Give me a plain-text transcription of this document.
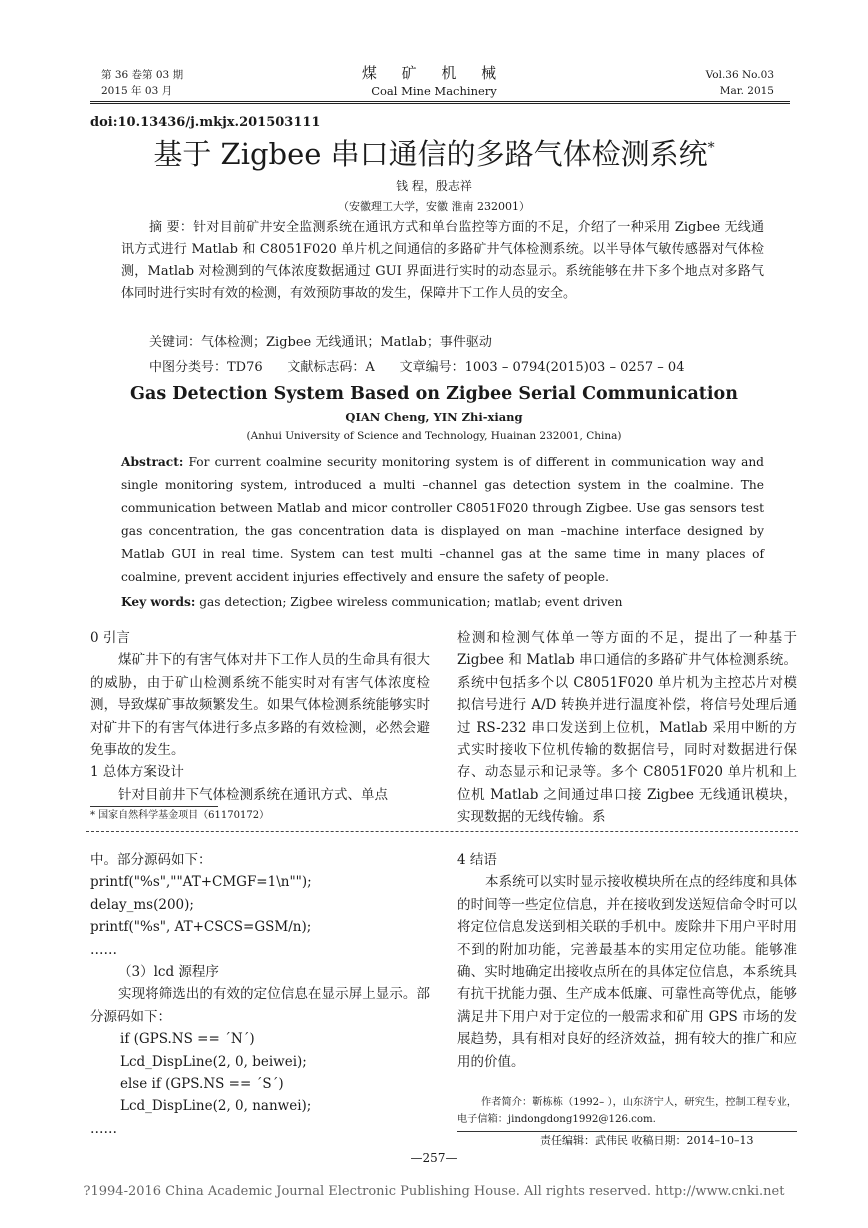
第 36 卷第 03 期
2015 年 03 月
煤 矿 机 械
Coal Mine Machinery
Vol.36 No.03
Mar. 2015
doi:10.13436/j.mkjx.201503111
基于 Zigbee 串口通信的多路气体检测系统*
钱 程，殷志祥
（安徽理工大学，安徽 淮南 232001）

摘 要：针对目前矿井安全监测系统在通讯方式和单台监控等方面的不足，介绍了一种采用 Zigbee 无线通讯方式进行 Matlab 和 C8051F020 单片机之间通信的多路矿井气体检测系统。以半导体气敏传感器对气体检测，Matlab 对检测到的气体浓度数据通过 GUI 界面进行实时的动态显示。系统能够在井下多个地点对多路气体同时进行实时有效的检测，有效预防事故的发生，保障井下工作人员的安全。

关键词：气体检测；Zigbee 无线通讯；Matlab；事件驱动
中图分类号：TD76      文献标志码：A      文章编号：1003 – 0794(2015)03 – 0257 – 04
Gas Detection System Based on Zigbee Serial Communication
QIAN Cheng, YIN Zhi-xiang
(Anhui University of Science and Technology, Huainan 232001, China)
Abstract: For current coalmine security monitoring system is of different in communication way and single monitoring system, introduced a multi –channel gas detection system in the coalmine. The communication between Matlab and micor controller C8051F020 through Zigbee. Use gas sensors test gas concentration, the gas concentration data is displayed on man –machine interface designed by Matlab GUI in real time. System can test multi –channel gas at the same time in many places of coalmine, prevent accident injuries effectively and ensure the safety of people.
Key words: gas detection; Zigbee wireless communication; matlab; event driven

0 引言

煤矿井下的有害气体对井下工作人员的生命具有很大的威胁，由于矿山检测系统不能实时对有害气体浓度检测，导致煤矿事故频繁发生。如果气体检测系统能够实时对矿井下的有害气体进行多点多路的有效检测，必然会避免事故的发生。

1 总体方案设计

针对目前井下气体检测系统在通讯方式、单点

* 国家自然科学基金项目（61170172）

检测和检测气体单一等方面的不足，提出了一种基于 Zigbee 和 Matlab 串口通信的多路矿井气体检测系统。系统中包括多个以 C8051F020 单片机为主控芯片对模拟信号进行 A/D 转换并进行温度补偿，将信号处理后通过 RS-232 串口发送到上位机，Matlab 采用中断的方式实时接收下位机传输的数据信号，同时对数据进行保存、动态显示和记录等。多个 C8051F020 单片机和上位机 Matlab 之间通过串口接 Zigbee 无线通讯模块，实现数据的无线传输。系

中。部分源码如下：

printf("%s",""AT+CMGF=1\n"");

delay_ms(200);

printf("%s", AT+CSCS=GSM/n);

……

（3）lcd 源程序

实现将筛选出的有效的定位信息在显示屏上显示。部分源码如下：

if (GPS.NS == ´N´)

Lcd_DispLine(2, 0, beiwei);

else if (GPS.NS == ´S´)

Lcd_DispLine(2, 0, nanwei);

……

4 结语

本系统可以实时显示接收模块所在点的经纬度和具体的时间等一些定位信息，并在接收到发送短信命令时可以将定位信息发送到相关联的手机中。废除井下用户平时用不到的附加功能，完善最基本的实用定位功能。能够准确、实时地确定出接收点所在的具体定位信息，本系统具有抗干扰能力强、生产成本低廉、可靠性高等优点，能够满足井下用户对于定位的一般需求和矿用 GPS 市场的发展趋势，具有相对良好的经济效益，拥有较大的推广和应用的价值。

作者简介：靳栋栋（1992– ），山东济宁人，研究生，控制工程专业，电子信箱：jindongdong1992@126.com.
责任编辑：武伟民 收稿日期：2014–10–13
—257—
?1994-2016 China Academic Journal Electronic Publishing House. All rights reserved. http://www.cnki.net
